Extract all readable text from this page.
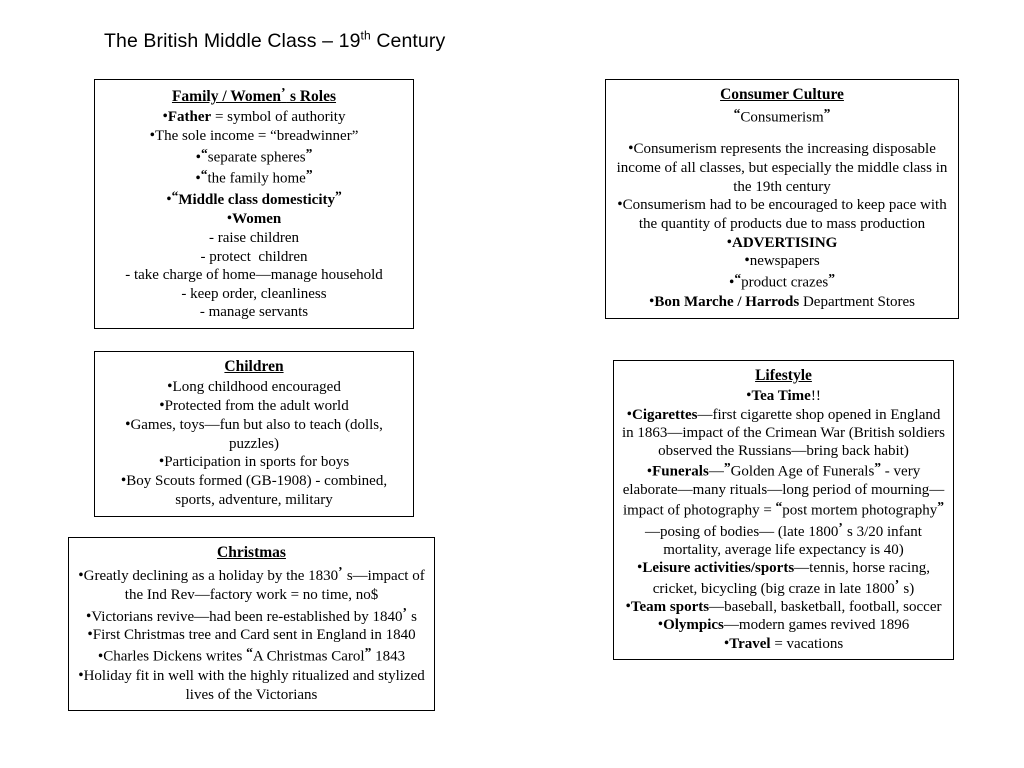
The British Middle Class – 19th Century
Family / Women’ s Roles
• Father = symbol of authority
• The sole income = “breadwinner”
• “separate spheres”
• “the family home”
• “Middle class domesticity”
• Women
- raise children
- protect  children
- take charge of home—manage household
- keep order, cleanliness
- manage servants
Consumer Culture
“Consumerism”
• Consumerism represents the increasing disposable income of all classes, but especially the middle class in the 19th century
• Consumerism had to be encouraged to keep pace with the quantity of products due to mass production
• ADVERTISING
• newspapers
• “product crazes”
• Bon Marche / Harrods Department Stores
Children
• Long childhood encouraged
• Protected from the adult world
• Games, toys—fun but also to teach (dolls, puzzles)
• Participation in sports for boys
• Boy Scouts formed (GB-1908) - combined, sports, adventure, military
Christmas
• Greatly declining as a holiday by the 1830’ s—impact of the Ind Rev—factory work = no time, no$
• Victorians revive—had been re-established by 1840’ s
• First Christmas tree and Card sent in England in 1840
• Charles Dickens writes “A Christmas Carol” 1843
• Holiday fit in well with the highly ritualized and stylized lives of the Victorians
Lifestyle
• Tea Time!!
• Cigarettes—first cigarette shop opened in England in 1863—impact of the Crimean War (British soldiers observed the Russians—bring back habit)
• Funerals—”Golden Age of Funerals” - very elaborate—many rituals—long period of mourning—impact of photography = “post mortem photography”
—posing of bodies— (late 1800’ s 3/20 infant mortality, average life expectancy is 40)
• Leisure activities/sports—tennis, horse racing, cricket, bicycling (big craze in late 1800’ s)
• Team sports—baseball, basketball, football, soccer
• Olympics—modern games revived 1896
• Travel = vacations
